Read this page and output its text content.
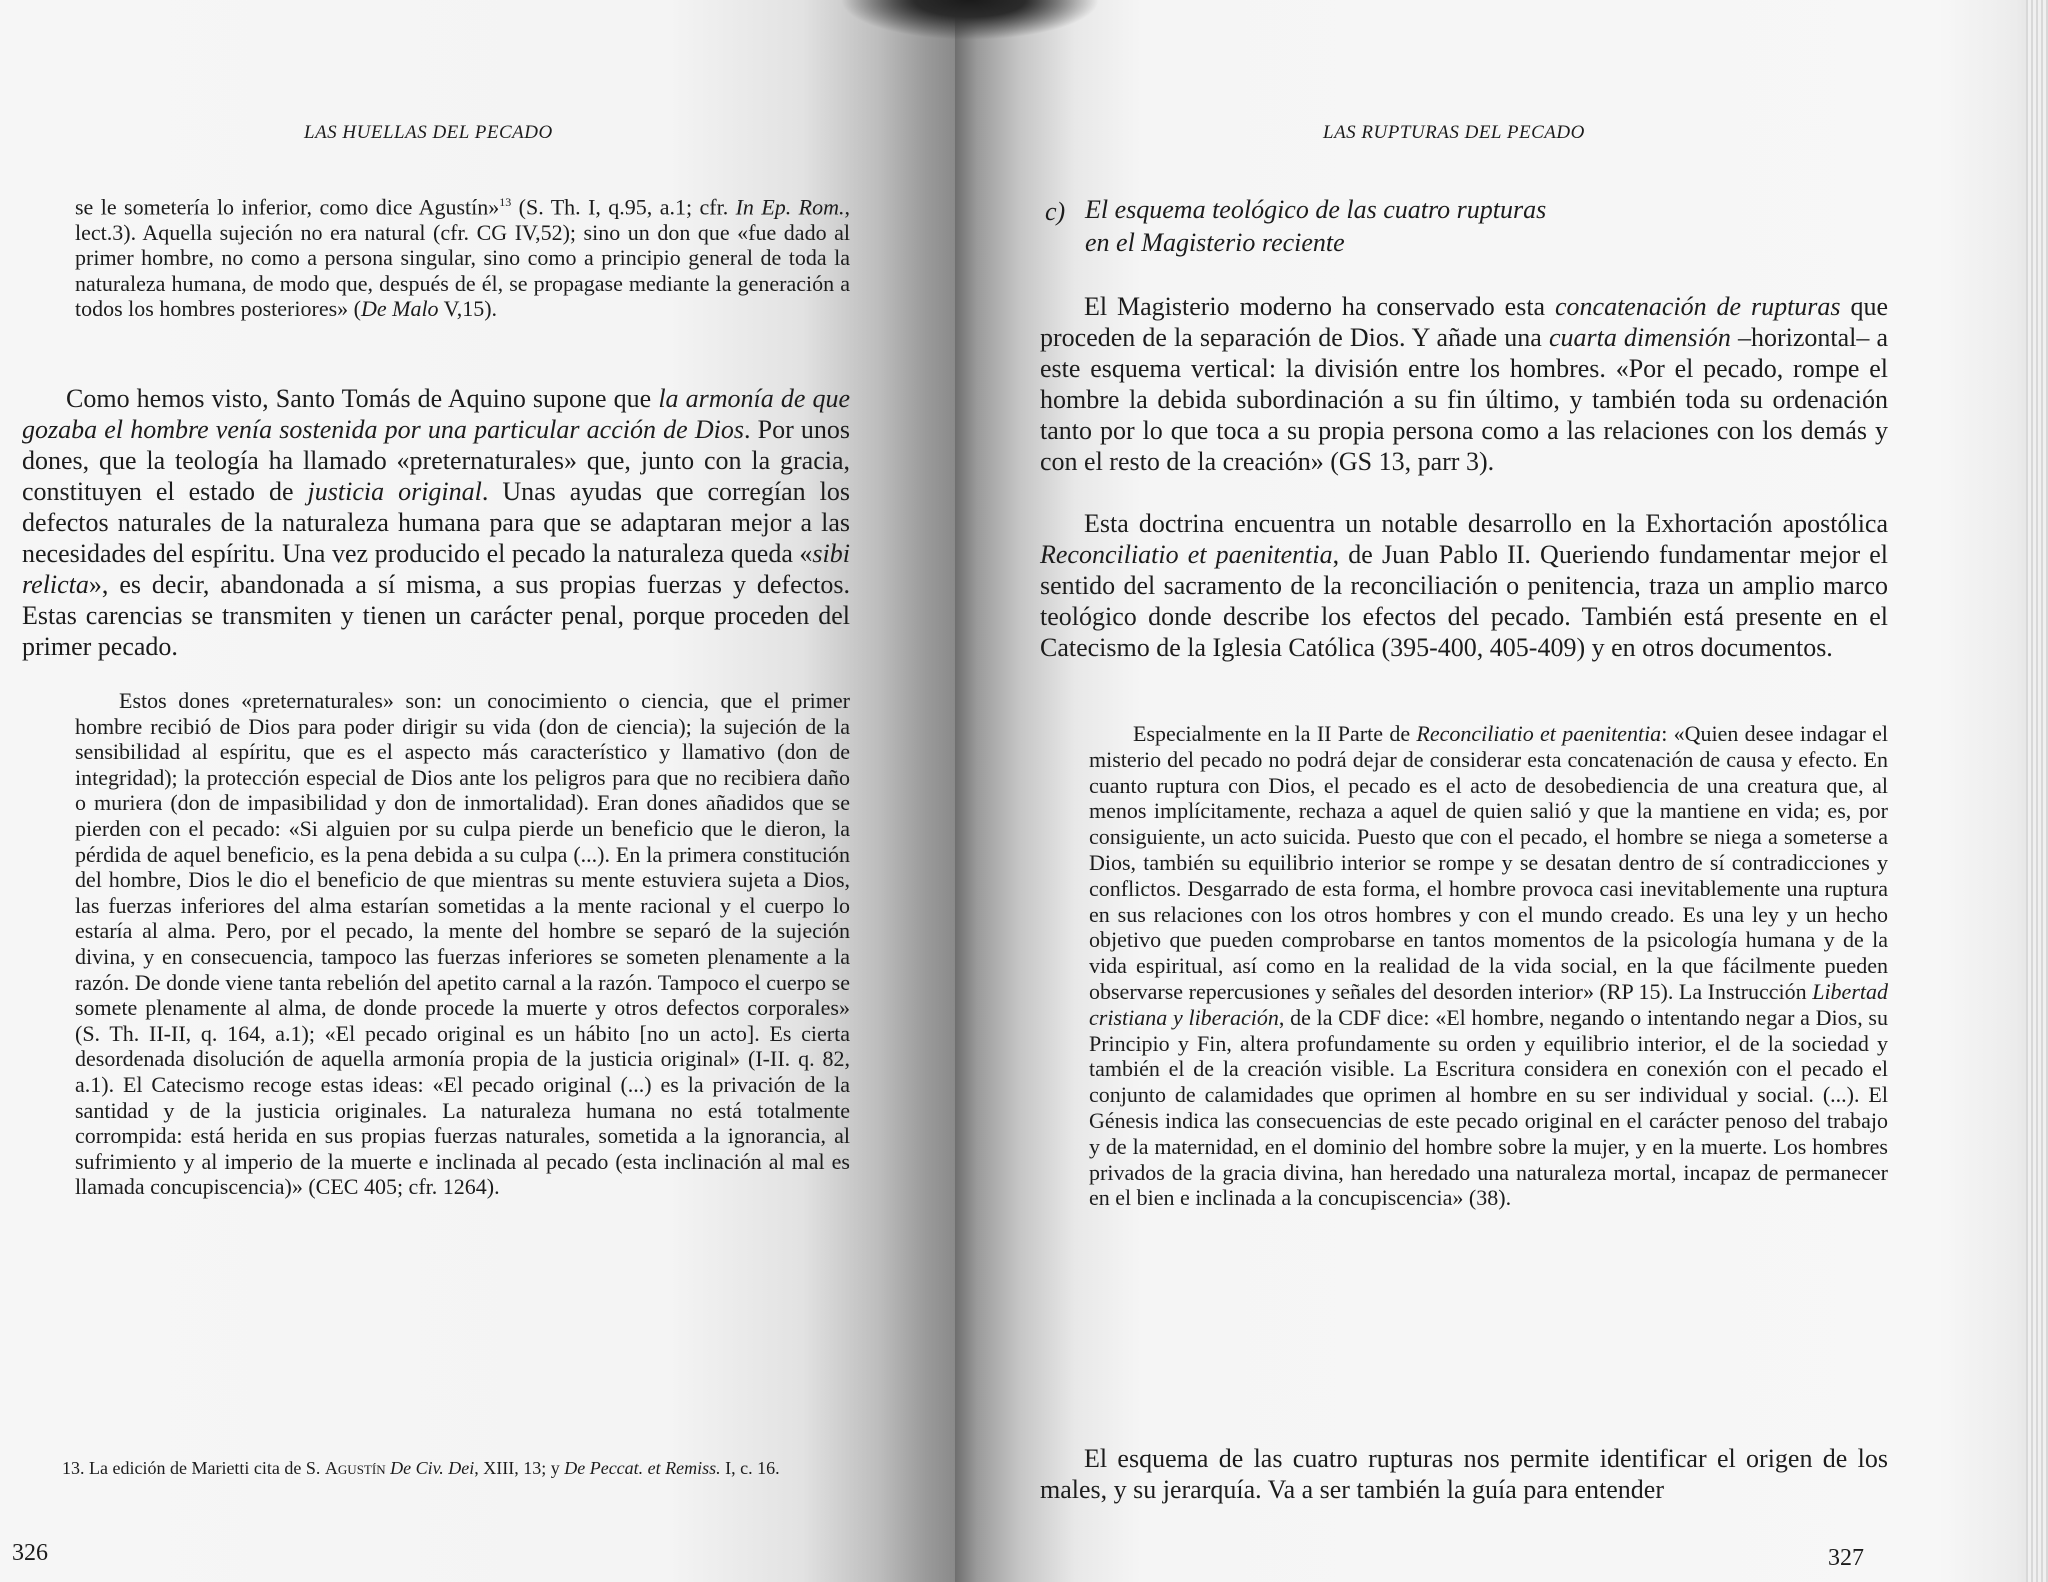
LAS HUELLAS DEL PECADO

se le sometería lo inferior, como dice Agustín»$^{13}$ (S. Th. I, q.95, a.1; cfr. In Ep. Rom., lect.3). Aquella sujeción no era natural (cfr. CG IV,52); sino un don que «fue dado al primer hombre, no como a persona singular, sino como a principio general de toda la naturaleza humana, de modo que, después de él, se propagase mediante la generación a todos los hombres posteriores» (De Malo V,15).

Como hemos visto, Santo Tomás de Aquino supone que la armonía de que gozaba el hombre venía sostenida por una particular acción de Dios. Por unos dones, que la teología ha llamado «preternaturales» que, junto con la gracia, constituyen el estado de justicia original. Unas ayudas que corregían los defectos naturales de la naturaleza humana para que se adaptaran mejor a las necesidades del espíritu. Una vez producido el pecado la naturaleza queda «sibi relicta», es decir, abandonada a sí misma, a sus propias fuerzas y defectos. Estas carencias se transmiten y tienen un carácter penal, porque proceden del primer pecado.

Estos dones «preternaturales» son: un conocimiento o ciencia, que el primer hombre recibió de Dios para poder dirigir su vida (don de ciencia); la sujeción de la sensibilidad al espíritu, que es el aspecto más característico y llamativo (don de integridad); la protección especial de Dios ante los peligros para que no recibiera daño o muriera (don de impasibilidad y don de inmortalidad). Eran dones añadidos que se pierden con el pecado: «Si alguien por su culpa pierde un beneficio que le dieron, la pérdida de aquel beneficio, es la pena debida a su culpa (...). En la primera constitución del hombre, Dios le dio el beneficio de que mientras su mente estuviera sujeta a Dios, las fuerzas inferiores del alma estarían sometidas a la mente racional y el cuerpo lo estaría al alma. Pero, por el pecado, la mente del hombre se separó de la sujeción divina, y en consecuencia, tampoco las fuerzas inferiores se someten plenamente a la razón. De donde viene tanta rebelión del apetito carnal a la razón. Tampoco el cuerpo se somete plenamente al alma, de donde procede la muerte y otros defectos corporales» (S. Th. II-II, q. 164, a.1); «El pecado original es un hábito [no un acto]. Es cierta desordenada disolución de aquella armonía propia de la justicia original» (I-II. q. 82, a.1). El Catecismo recoge estas ideas: «El pecado original (...) es la privación de la santidad y de la justicia originales. La naturaleza humana no está totalmente corrompida: está herida en sus propias fuerzas naturales, sometida a la ignorancia, al sufrimiento y al imperio de la muerte e inclinada al pecado (esta inclinación al mal es llamada concupiscencia)» (CEC 405; cfr. 1264).

13. La edición de Marietti cita de S. Agustín De Civ. Dei, XIII, 13; y De Peccat. et Remiss. I, c. 16.
326
LAS RUPTURAS DEL PECADO
c) El esquema teológico de las cuatro rupturas
en el Magisterio reciente

El Magisterio moderno ha conservado esta concatenación de rupturas que proceden de la separación de Dios. Y añade una cuarta dimensión –horizontal– a este esquema vertical: la división entre los hombres. «Por el pecado, rompe el hombre la debida subordinación a su fin último, y también toda su ordenación tanto por lo que toca a su propia persona como a las relaciones con los demás y con el resto de la creación» (GS 13, parr 3).

Esta doctrina encuentra un notable desarrollo en la Exhortación apostólica Reconciliatio et paenitentia, de Juan Pablo II. Queriendo fundamentar mejor el sentido del sacramento de la reconciliación o penitencia, traza un amplio marco teológico donde describe los efectos del pecado. También está presente en el Catecismo de la Iglesia Católica (395-400, 405-409) y en otros documentos.

Especialmente en la II Parte de Reconciliatio et paenitentia: «Quien desee indagar el misterio del pecado no podrá dejar de considerar esta concatenación de causa y efecto. En cuanto ruptura con Dios, el pecado es el acto de desobediencia de una creatura que, al menos implícitamente, rechaza a aquel de quien salió y que la mantiene en vida; es, por consiguiente, un acto suicida. Puesto que con el pecado, el hombre se niega a someterse a Dios, también su equilibrio interior se rompe y se desatan dentro de sí contradicciones y conflictos. Desgarrado de esta forma, el hombre provoca casi inevitablemente una ruptura en sus relaciones con los otros hombres y con el mundo creado. Es una ley y un hecho objetivo que pueden comprobarse en tantos momentos de la psicología humana y de la vida espiritual, así como en la realidad de la vida social, en la que fácilmente pueden observarse repercusiones y señales del desorden interior» (RP 15). La Instrucción Libertad cristiana y liberación, de la CDF dice: «El hombre, negando o intentando negar a Dios, su Principio y Fin, altera profundamente su orden y equilibrio interior, el de la sociedad y también el de la creación visible. La Escritura considera en conexión con el pecado el conjunto de calamidades que oprimen al hombre en su ser individual y social. (...). El Génesis indica las consecuencias de este pecado original en el carácter penoso del trabajo y de la maternidad, en el dominio del hombre sobre la mujer, y en la muerte. Los hombres privados de la gracia divina, han heredado una naturaleza mortal, incapaz de permanecer en el bien e inclinada a la concupiscencia» (38).

El esquema de las cuatro rupturas nos permite identificar el origen de los males, y su jerarquía. Va a ser también la guía para entender

327
